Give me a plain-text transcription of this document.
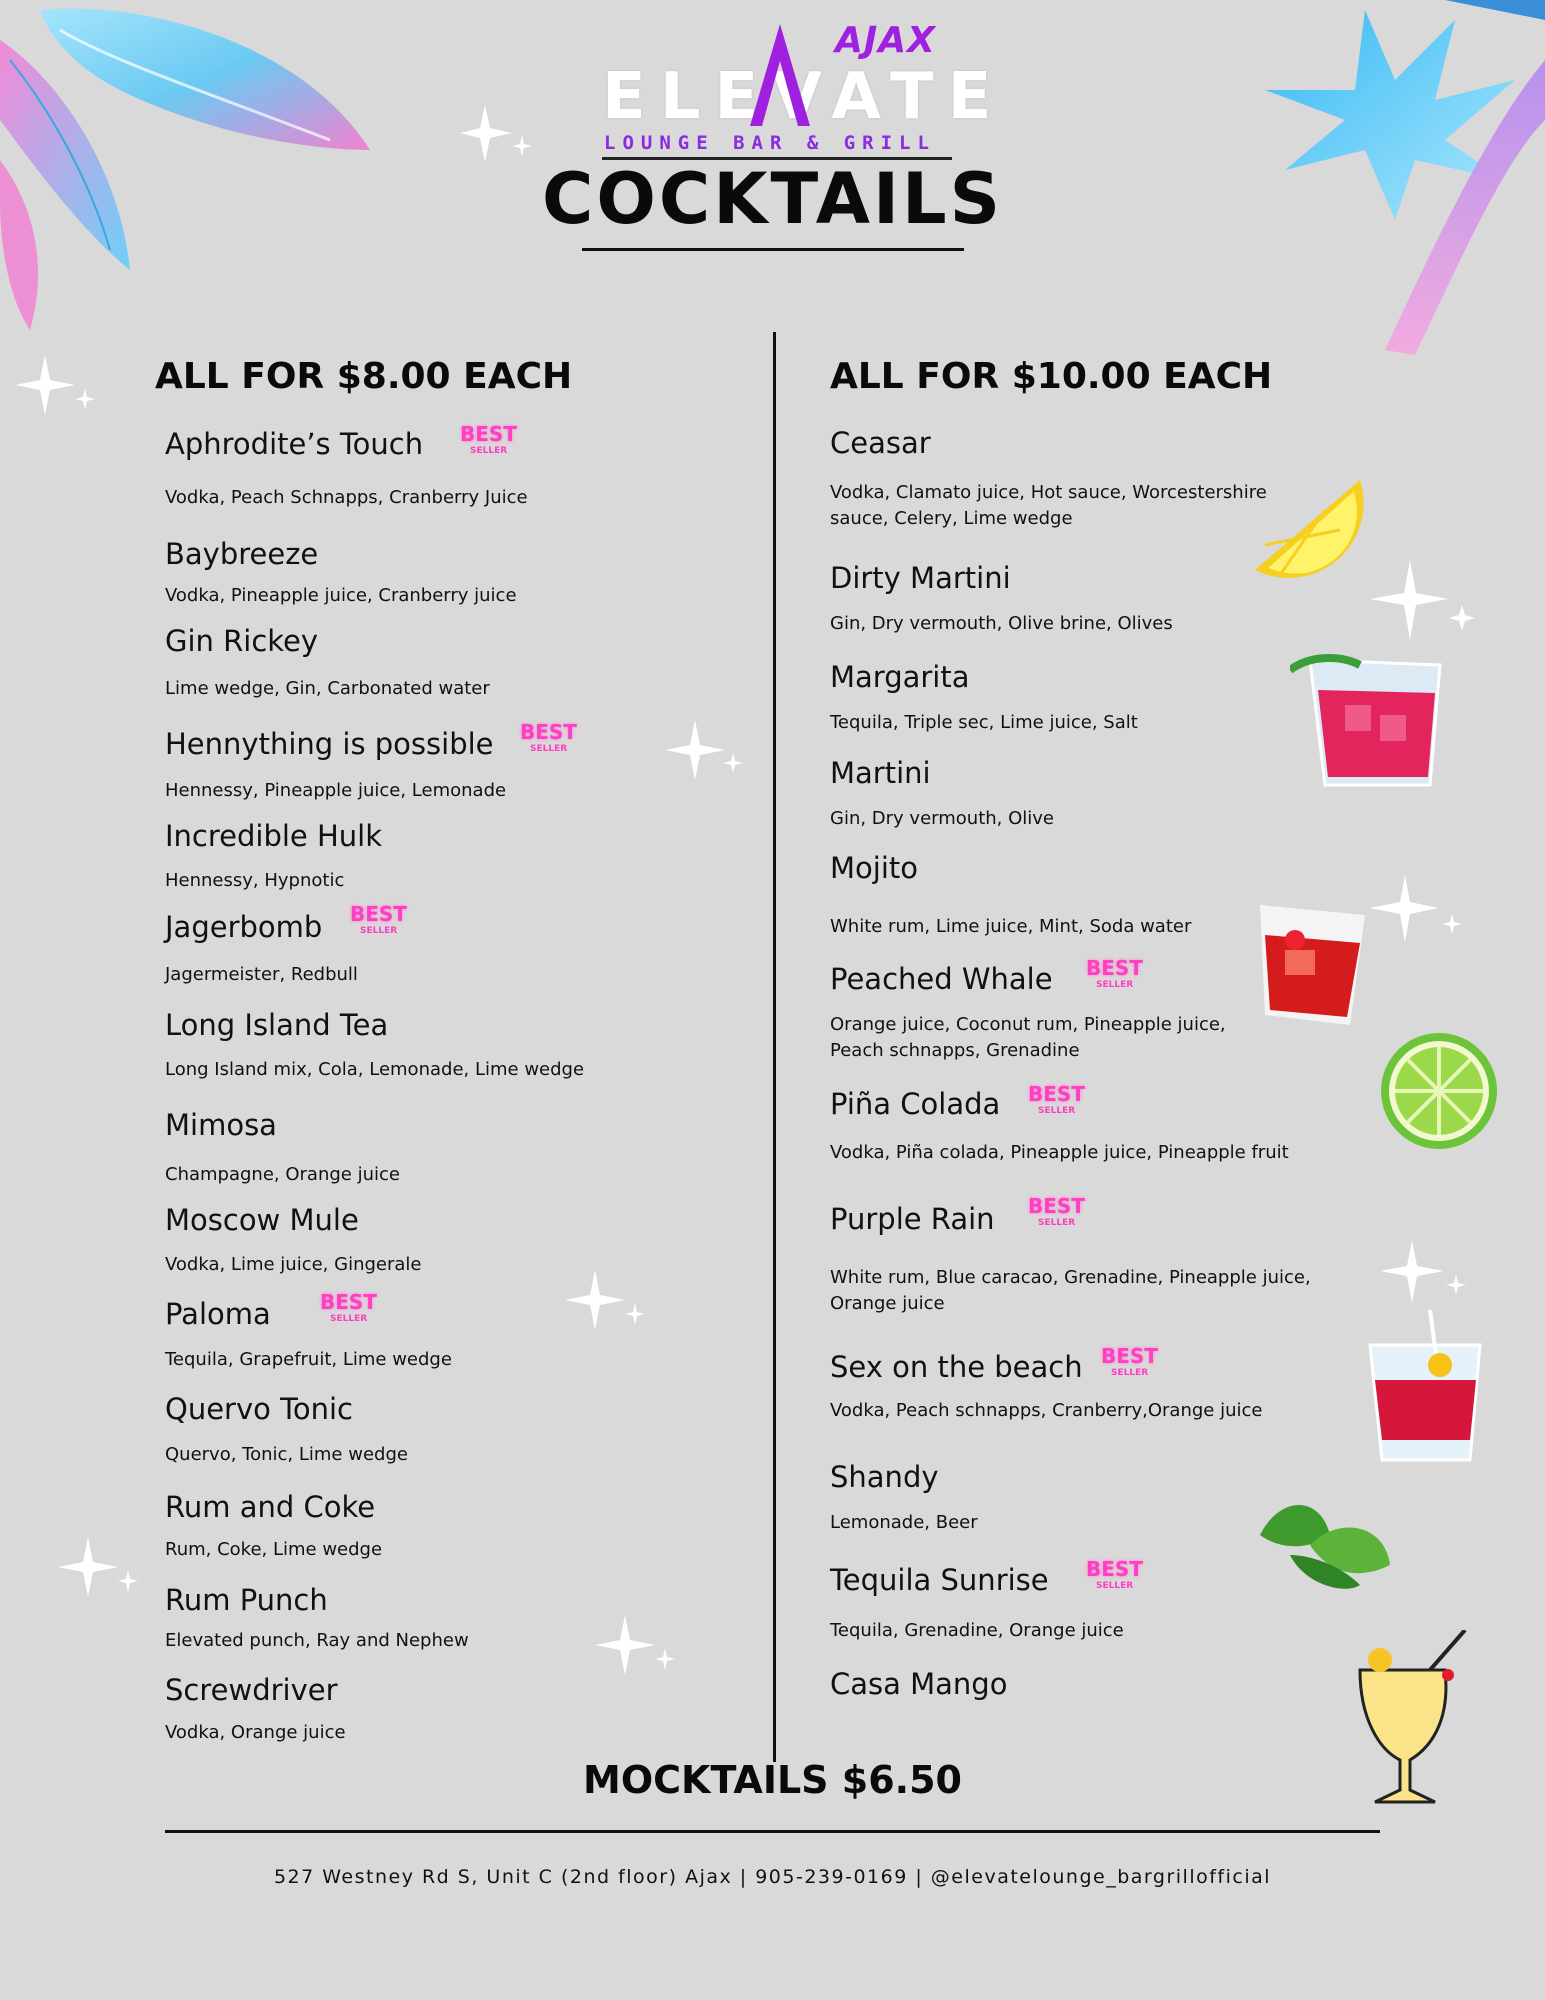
AJAX
ELEVATE
LOUNGE BAR & GRILL
COCKTAILS
ALL FOR $8.00 EACH
Aphrodite’s Touch BEST
SELLER
Vodka, Peach Schnapps, Cranberry Juice
Baybreeze
Vodka, Pineapple juice, Cranberry juice
Gin Rickey
Lime wedge, Gin, Carbonated water
Hennything is possible BEST
SELLER
Hennessy, Pineapple juice, Lemonade
Incredible Hulk
Hennessy, Hypnotic
Jagerbomb BEST
SELLER
Jagermeister, Redbull
Long Island Tea
Long Island mix, Cola, Lemonade, Lime wedge
Mimosa
Champagne, Orange juice
Moscow Mule
Vodka, Lime juice, Gingerale
Paloma BEST
SELLER
Tequila, Grapefruit, Lime wedge
Quervo Tonic
Quervo, Tonic, Lime wedge
Rum and Coke
Rum, Coke, Lime wedge
Rum Punch
Elevated punch, Ray and Nephew
Screwdriver
Vodka, Orange juice
ALL FOR $10.00 EACH
Ceasar
Vodka, Clamato juice, Hot sauce, Worcestershire sauce, Celery, Lime wedge
Dirty Martini
Gin, Dry vermouth, Olive brine, Olives
Margarita
Tequila, Triple sec, Lime juice, Salt
Martini
Gin, Dry vermouth, Olive
Mojito
White rum, Lime juice, Mint, Soda water
Peached Whale BEST
SELLER
Orange juice, Coconut rum, Pineapple juice, Peach schnapps, Grenadine
Piña Colada BEST
SELLER
Vodka, Piña colada, Pineapple juice, Pineapple fruit
Purple Rain BEST
SELLER
White rum, Blue caracao, Grenadine, Pineapple juice, Orange juice
Sex on the beach BEST
SELLER
Vodka, Peach schnapps, Cranberry,Orange juice
Shandy
Lemonade, Beer
Tequila Sunrise BEST
SELLER
Tequila, Grenadine, Orange juice
Casa Mango
MOCKTAILS $6.50
527 Westney Rd S, Unit C (2nd floor) Ajax | 905-239-0169 | @elevatelounge_bargrillofficial
